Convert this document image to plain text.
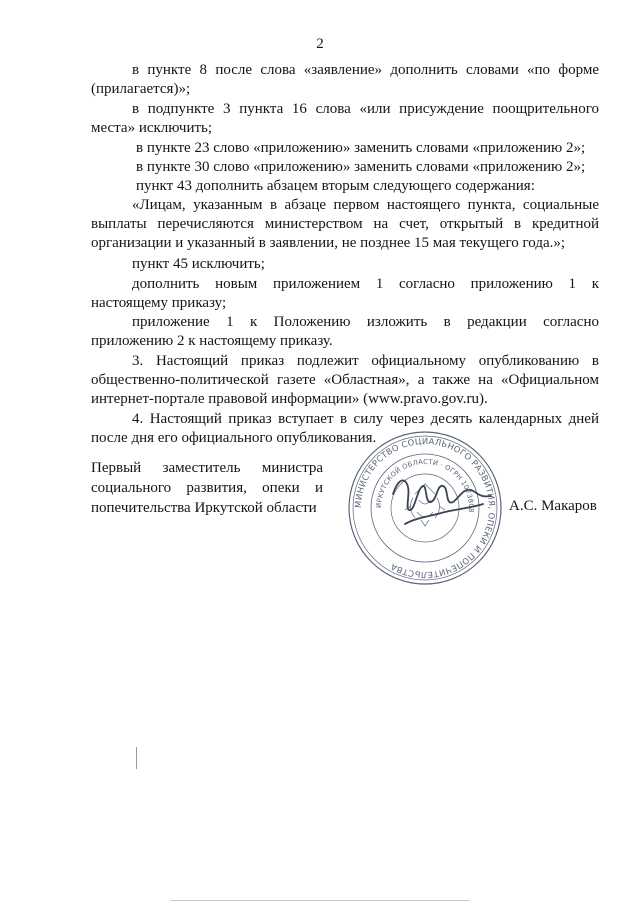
2
в пункте 8 после слова «заявление» дополнить словами «по форме
(прилагается)»;
в подпункте 3 пункта 16 слова «или присуждение поощрительного
места» исключить;
в пункте 23 слово «приложению» заменить словами «приложению 2»;
в пункте 30 слово «приложению» заменить словами «приложению 2»;
пункт 43 дополнить абзацем вторым следующего содержания:
«Лицам, указанным в абзаце первом настоящего пункта, социальные
выплаты перечисляются министерством на счет, открытый в кредитной
организации и указанный в заявлении, не позднее 15 мая текущего года.»;
пункт 45 исключить;
дополнить новым приложением 1 согласно приложению 1 к
настоящему приказу;
приложение 1 к Положению изложить в редакции согласно
приложению 2 к настоящему приказу.
3. Настоящий приказ подлежит официальному опубликованию в
общественно-политической газете «Областная», а также на «Официальном
интернет-портале правовой информации» (www.pravo.gov.ru).
4. Настоящий приказ вступает в силу через десять календарных дней
после дня его официального опубликования.
Первый заместитель министра
социального развития, опеки и
попечительства Иркутской области	МИНИСТЕРСТВО СОЦИАЛЬНОГО РАЗВИТИЯ, ОПЕКИ И ПОПЕЧИТЕЛЬСТВА
ИРКУТСКОЙ ОБЛАСТИ · ОГРН 1073808 А.С. Макаров
